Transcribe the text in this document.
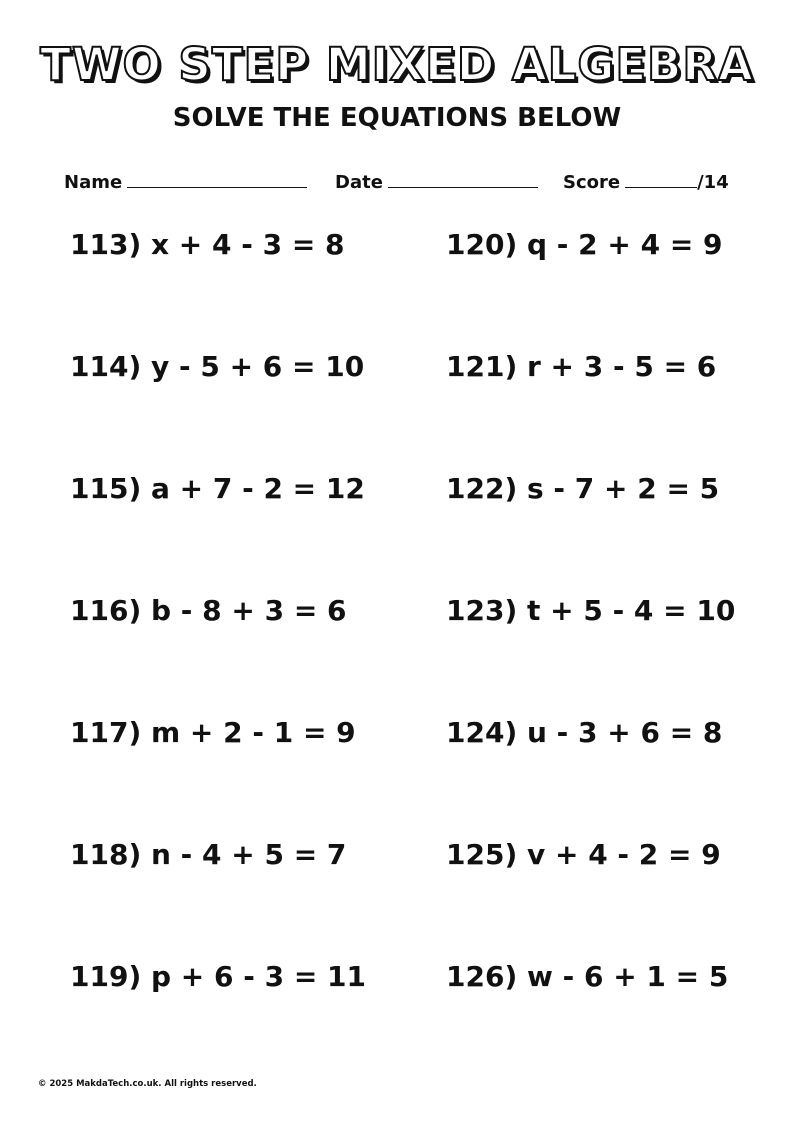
TWO STEP MIXED ALGEBRA
SOLVE THE EQUATIONS BELOW
Name	Date	Score	/14
113) x + 4 - 3 = 8
114) y - 5 + 6 = 10
115) a + 7 - 2 = 12
116) b - 8 + 3 = 6
117) m + 2 - 1 = 9
118) n - 4 + 5 = 7
119) p + 6 - 3 = 11
120) q - 2 + 4 = 9
121) r + 3 - 5 = 6
122) s - 7 + 2 = 5
123) t + 5 - 4 = 10
124) u - 3 + 6 = 8
125) v + 4 - 2 = 9
126) w - 6 + 1 = 5
© 2025 MakdaTech.co.uk. All rights reserved.
